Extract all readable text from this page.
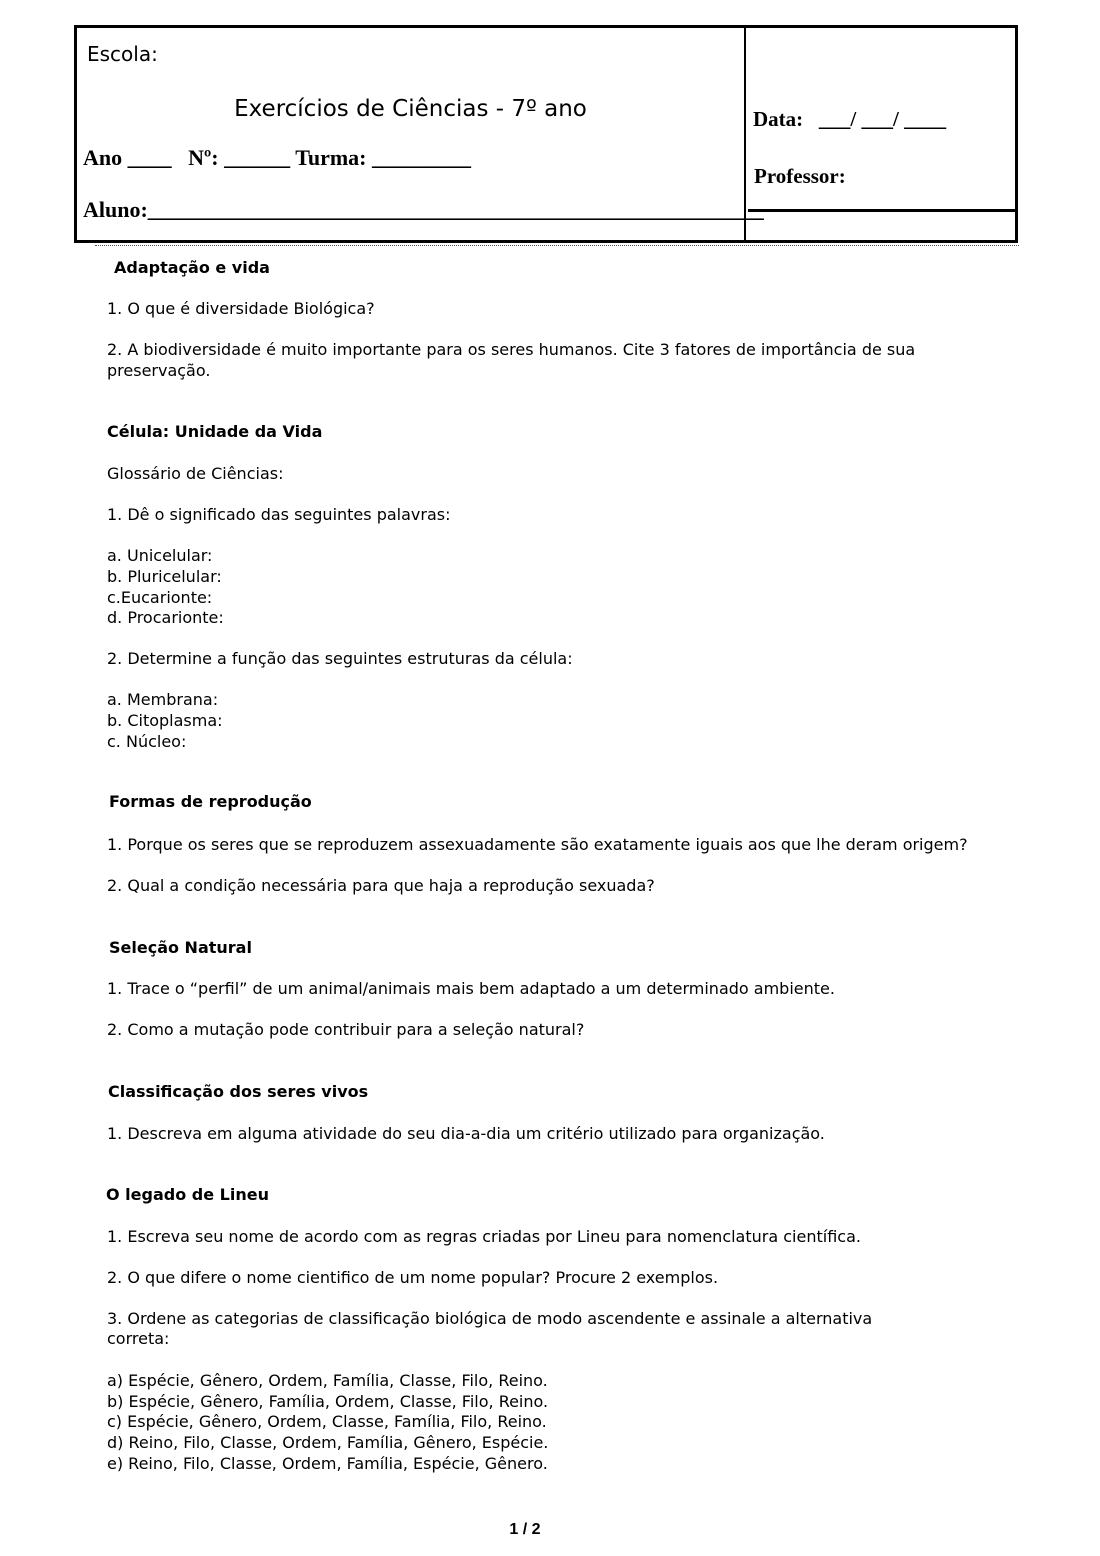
Escola:
Exercícios de Ciências - 7º ano
Ano ____   Nº: ______ Turma: _________
Aluno:________________________________________________________
Data:   ___/ ___/ ____
Professor:
Adaptação e vida
1. O que é diversidade Biológica?
2. A biodiversidade é muito importante para os seres humanos. Cite 3 fatores de importância de sua
preservação.
Célula: Unidade da Vida
Glossário de Ciências:
1. Dê o significado das seguintes palavras:
a. Unicelular:
b. Pluricelular:
c.Eucarionte:
d. Procarionte:
2. Determine a função das seguintes estruturas da célula:
a. Membrana:
b. Citoplasma:
c. Núcleo:
Formas de reprodução
1. Porque os seres que se reproduzem assexuadamente são exatamente iguais aos que lhe deram origem?
2. Qual a condição necessária para que haja a reprodução sexuada?
Seleção Natural
1. Trace o “perfil” de um animal/animais mais bem adaptado a um determinado ambiente.
2. Como a mutação pode contribuir para a seleção natural?
Classificação dos seres vivos
1. Descreva em alguma atividade do seu dia-a-dia um critério utilizado para organização.
O legado de Lineu
1. Escreva seu nome de acordo com as regras criadas por Lineu para nomenclatura científica.
2. O que difere o nome cientifico de um nome popular? Procure 2 exemplos.
3. Ordene as categorias de classificação biológica de modo ascendente e assinale a alternativa
correta:
a) Espécie, Gênero, Ordem, Família, Classe, Filo, Reino.
b) Espécie, Gênero, Família, Ordem, Classe, Filo, Reino.
c) Espécie, Gênero, Ordem, Classe, Família, Filo, Reino.
d) Reino, Filo, Classe, Ordem, Família, Gênero, Espécie.
e) Reino, Filo, Classe, Ordem, Família, Espécie, Gênero.
1 / 2
